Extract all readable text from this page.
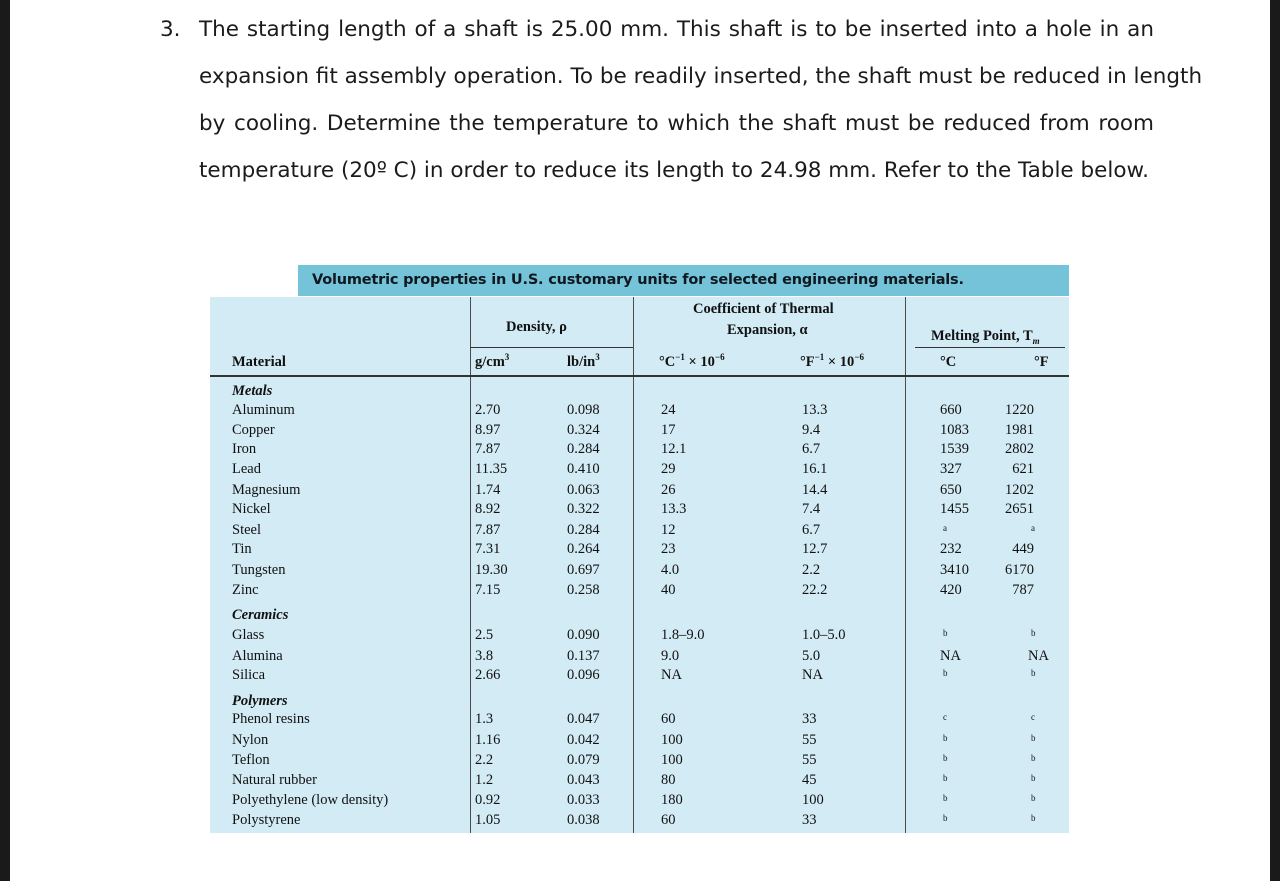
3. The starting length of a shaft is 25.00 mm. This shaft is to be inserted into a hole in an
expansion fit assembly operation. To be readily inserted, the shaft must be reduced in length
by cooling. Determine the temperature to which the shaft must be reduced from room
temperature (20º C) in order to reduce its length to 24.98 mm. Refer to the Table below.
Volumetric properties in U.S. customary units for selected engineering materials.
Density, ρ
Coefficient of Thermal
Expansion, α	Melting Point, $T_m$
Material	$g/cm^3$	$lb/in^3$	$^\circ C^{-1} \times 10^{-6}$	$^\circ F^{-1} \times 10^{-6}$	°C	°F
Metals
Ceramics
Polymers
Aluminum	2.70	0.098	24	13.3	660	1220
Copper	8.97	0.324	17	9.4	1083 1981
Iron	7.87	0.284	12.1	6.7	1539 2802
Lead	11.35	0.410	29	16.1	327	621
Magnesium	1.74	0.063	26	14.4	650	1202
Nickel	8.92	0.322	13.3	7.4	1455 2651
Steel	7.87	0.284	12	6.7	a	a
Tin	7.31	0.264	23	12.7	232	449
Tungsten	19.30	0.697	4.0	2.2	3410 6170
Zinc	7.15	0.258	40	22.2	420	787
Glass	2.5	0.090	1.8–9.0	1.0–5.0	b	b
Alumina	3.8	0.137	9.0	5.0	NA	NA
Silica	2.66	0.096	NA	NA	b	b
Phenol resins	1.3	0.047	60	33	c	c
Nylon	1.16	0.042	100	55	b	b
Teflon	2.2	0.079	100	55	b	b
Natural rubber	1.2	0.043	80	45	b	b
Polyethylene (low density)	0.92	0.033	180	100	b	b
Polystyrene	1.05	0.038	60	33	b	b
